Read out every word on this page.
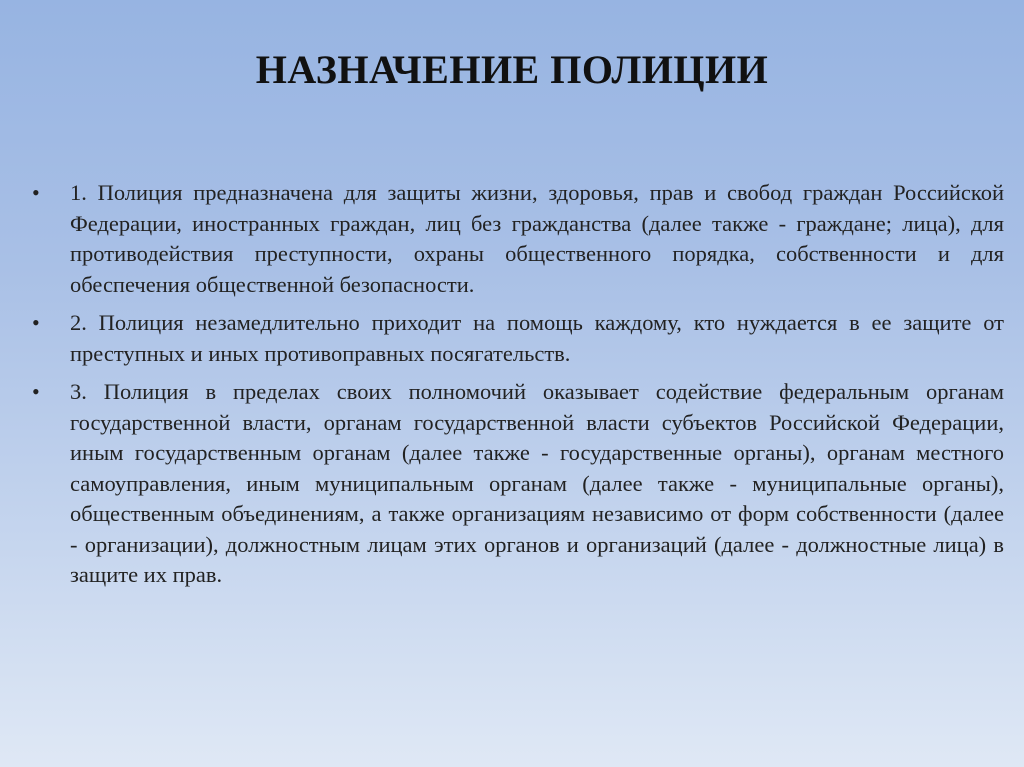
НАЗНАЧЕНИЕ ПОЛИЦИИ
•	1. Полиция предназначена для защиты жизни, здоровья, прав и свобод граждан Российской Федерации, иностранных граждан, лиц без гражданства (далее также - граждане; лица), для противодействия преступности, охраны общественного порядка, собственности и для обеспечения общественной безопасности.
•	2. Полиция незамедлительно приходит на помощь каждому, кто нуждается в ее защите от преступных и иных противоправных посягательств.
•	3. Полиция в пределах своих полномочий оказывает содействие федеральным органам государственной власти, органам государственной власти субъектов Российской Федерации, иным государственным органам (далее также - государственные органы), органам местного самоуправления, иным муниципальным органам (далее также - муниципальные органы), общественным объединениям, а также организациям независимо от форм собственности (далее - организации), должностным лицам этих органов и организаций (далее - должностные лица) в защите их прав.
